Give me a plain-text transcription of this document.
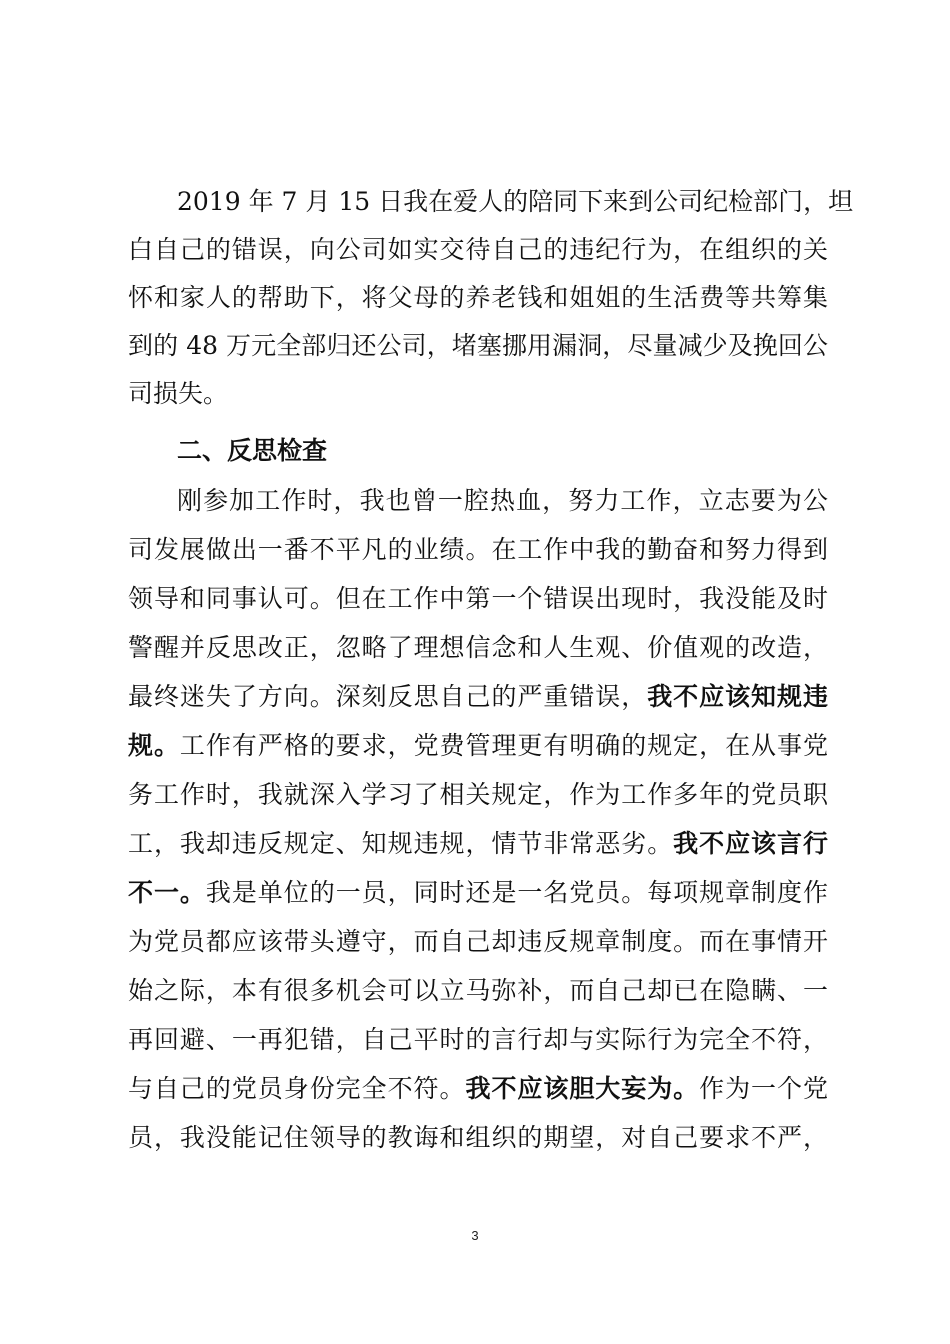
2019 年 7 月 15 日我在爱人的陪同下来到公司纪检部门，坦
白自己的错误，向公司如实交待自己的违纪行为，在组织的关
怀和家人的帮助下，将父母的养老钱和姐姐的生活费等共筹集
到的 48 万元全部归还公司，堵塞挪用漏洞，尽量减少及挽回公
司损失。
二、反思检查
刚参加工作时，我也曾一腔热血，努力工作，立志要为公
司发展做出一番不平凡的业绩。在工作中我的勤奋和努力得到
领导和同事认可。但在工作中第一个错误出现时，我没能及时
警醒并反思改正，忽略了理想信念和人生观、价值观的改造，
最终迷失了方向。深刻反思自己的严重错误，我不应该知规违
规。工作有严格的要求，党费管理更有明确的规定，在从事党
务工作时，我就深入学习了相关规定，作为工作多年的党员职
工，我却违反规定、知规违规，情节非常恶劣。我不应该言行
不一。我是单位的一员，同时还是一名党员。每项规章制度作
为党员都应该带头遵守，而自己却违反规章制度。而在事情开
始之际，本有很多机会可以立马弥补，而自己却已在隐瞒、一
再回避、一再犯错，自己平时的言行却与实际行为完全不符，
与自己的党员身份完全不符。我不应该胆大妄为。作为一个党
员，我没能记住领导的教诲和组织的期望，对自己要求不严，
3
